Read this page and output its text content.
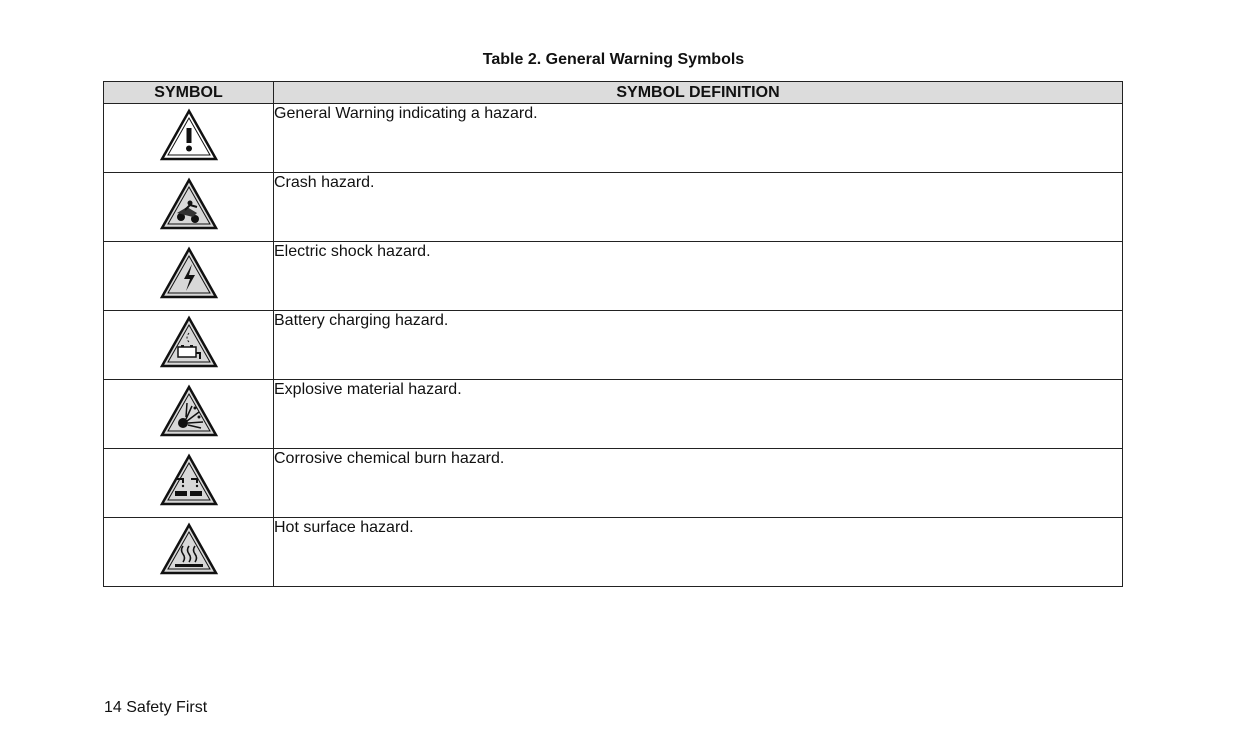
Table 2. General Warning Symbols
SYMBOL	SYMBOL DEFINITION

	General Warning indicating a hazard.

	Crash hazard.

	Electric shock hazard.

	Battery charging hazard.

	Explosive material hazard.

	Corrosive chemical burn hazard.

	Hot surface hazard.
14 Safety First
